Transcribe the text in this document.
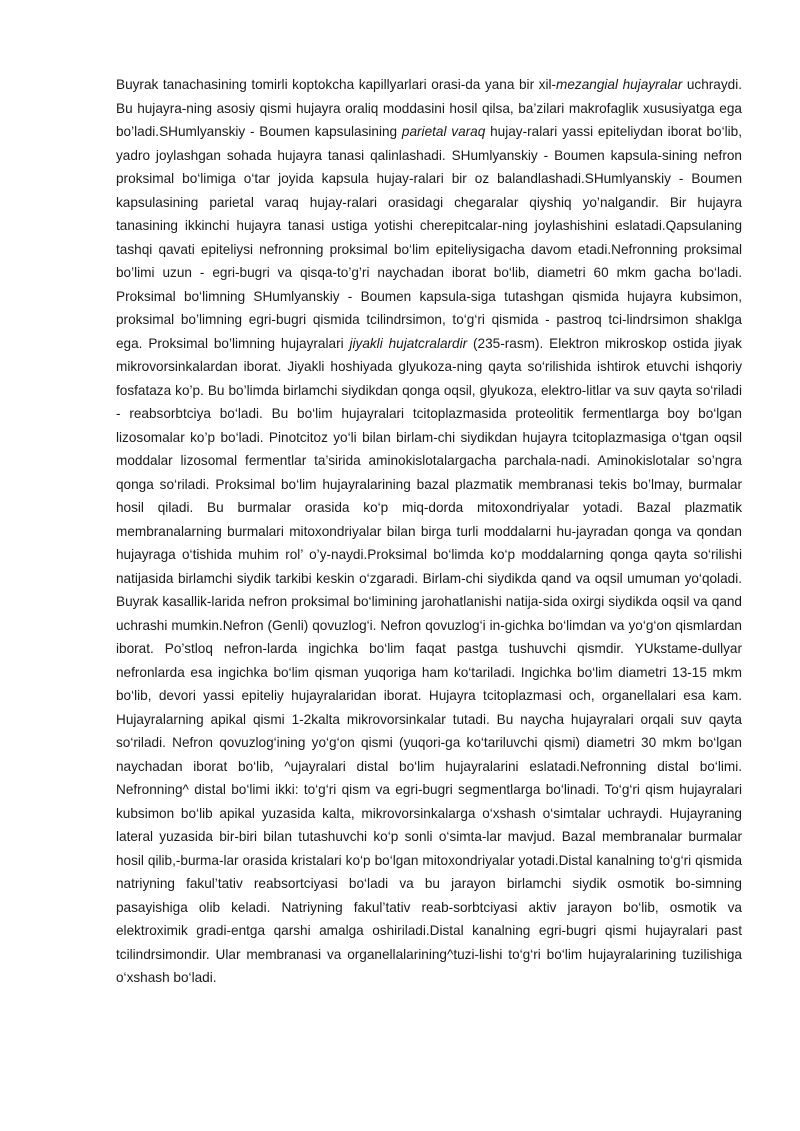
Buyrak tanachasining tomirli koptokcha kapillyarlari orasi-da yana bir xil-mezangial hujayralar uchraydi. Bu hujayra-ning asosiy qismi hujayra oraliq moddasini hosil qilsa, ba’zilari makrofaglik xususiyatga ega bo’ladi.SHumlyanskiy - Boumen kapsulasining parietal varaq hujay-ralari yassi epiteliydan iborat bo‘lib, yadro joylashgan sohada hujayra tanasi qalinlashadi. SHumlyanskiy - Boumen kapsula-sining nefron proksimal bo‘limiga o‘tar joyida kapsula hujay-ralari bir oz balandlashadi.SHumlyanskiy - Boumen kapsulasining parietal varaq hujay-ralari orasidagi chegaralar qiyshiq yo’nalgandir. Bir hujayra tanasining ikkinchi hujayra tanasi ustiga yotishi cherepitcalar-ning joylashishini eslatadi.Qapsulaning tashqi qavati epiteliysi nefronning proksimal bo‘lim epiteliysigacha davom etadi.Nefronning proksimal bo’limi uzun - egri-bugri va qisqa-to’g’ri naychadan iborat bo‘lib, diametri 60 mkm gacha bo‘ladi. Proksimal bo‘limning SHumlyanskiy - Boumen kapsula-siga tutashgan qismida hujayra kubsimon, proksimal bo’limning egri-bugri qismida tcilindrsimon, to‘g‘ri qismida - pastroq tci-lindrsimon shaklga ega. Proksimal bo’limning hujayralari jiyakli hujatcralardir (235-rasm). Elektron mikroskop ostida jiyak mikrovorsinkalardan iborat. Jiyakli hoshiyada glyukoza-ning qayta so‘rilishida ishtirok etuvchi ishqoriy fosfataza ko’p. Bu bo’limda birlamchi siydikdan qonga oqsil, glyukoza, elektro-litlar va suv qayta so‘riladi - reabsorbtciya bo‘ladi. Bu bo‘lim hujayralari tcitoplazmasida proteolitik fermentlarga boy bo‘lgan lizosomalar ko’p bo‘ladi. Pinotcitoz yo‘li bilan birlam-chi siydikdan hujayra tcitoplazmasiga o‘tgan oqsil moddalar lizosomal fermentlar ta’sirida aminokislotalargacha parchala-nadi. Aminokislotalar so’ngra qonga so‘riladi. Proksimal bo‘lim hujayralarining bazal plazmatik membranasi tekis bo’lmay, burmalar hosil qiladi. Bu burmalar orasida ko‘p miq-dorda mitoxondriyalar yotadi. Bazal plazmatik membranalarning burmalari mitoxondriyalar bilan birga turli moddalarni hu-jayradan qonga va qondan hujayraga o‘tishida muhim rol’ o’y-naydi.Proksimal bo‘limda ko‘p moddalarning qonga qayta so‘rilishi natijasida birlamchi siydik tarkibi keskin o‘zgaradi. Birlam-chi siydikda qand va oqsil umuman yo‘qoladi. Buyrak kasallik-larida nefron proksimal bo‘limining jarohatlanishi natija-sida oxirgi siydikda oqsil va qand uchrashi mumkin.Nefron (Genli) qovuzlog‘i. Nefron qovuzlog‘i in-gichka bo‘limdan va yo‘g‘on qismlardan iborat. Po’stloq nefron-larda ingichka bo‘lim faqat pastga tushuvchi qismdir. YUkstame-dullyar nefronlarda esa ingichka bo‘lim qisman yuqoriga ham ko‘tariladi. Ingichka bo‘lim diametri 13-15 mkm bo‘lib, devori yassi epiteliy hujayralaridan iborat. Hujayra tcitoplazmasi och, organellalari esa kam. Hujayralarning apikal qismi 1-2kalta mikrovorsinkalar tutadi. Bu naycha hujayralari orqali suv qayta so‘riladi. Nefron qovuzlog‘ining yo‘g‘on qismi (yuqori-ga ko‘tariluvchi qismi) diametri 30 mkm bo‘lgan naychadan iborat bo‘lib, ^ujayralari distal bo‘lim hujayralarini eslatadi.Nefronning distal bo‘limi. Nefronning^ distal bo‘limi ikki: to‘g‘ri qism va egri-bugri segmentlarga bo‘linadi. To‘g‘ri qism hujayralari kubsimon bo‘lib apikal yuzasida kalta, mikrovorsinkalarga o‘xshash o‘simtalar uchraydi. Hujayraning lateral yuzasida bir-biri bilan tutashuvchi ko‘p sonli o‘simta-lar mavjud. Bazal membranalar burmalar hosil qilib,-burma-lar orasida kristalari ko‘p bo‘lgan mitoxondriyalar yotadi.Distal kanalning to‘g‘ri qismida natriyning fakul’tativ reabsortciyasi bo‘ladi va bu jarayon birlamchi siydik osmotik bo-simning pasayishiga olib keladi. Natriyning fakul’tativ reab-sorbtciyasi aktiv jarayon bo‘lib, osmotik va elektroximik gradi-entga qarshi amalga oshiriladi.Distal kanalning egri-bugri qismi hujayralari past tcilindrsimondir. Ular membranasi va organellalarining^tuzi-lishi to‘g‘ri bo‘lim hujayralarining tuzilishiga o‘xshash bo‘ladi.
